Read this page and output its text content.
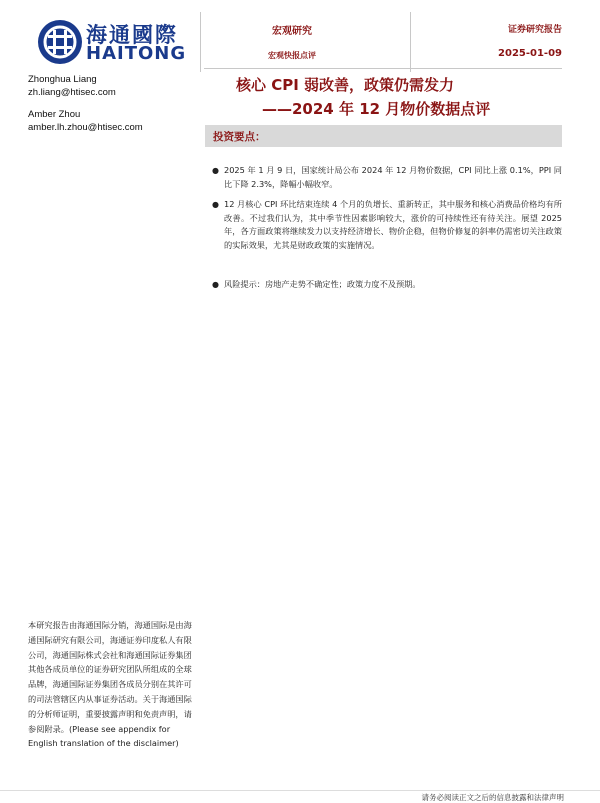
海通國際
HAITONG
宏观研究
宏观快报点评
证券研究报告
2025-01-09
Zhonghua Liang
zh.liang@htisec.com
Amber Zhou
amber.lh.zhou@htisec.com
核心 CPI 弱改善，政策仍需发力
——2024 年 12 月物价数据点评
投资要点：
● 2025 年 1 月 9 日，国家统计局公布 2024 年 12 月物价数据，CPI 同比上涨 0.1%，PPI 同比下降 2.3%，降幅小幅收窄。
● 12 月核心 CPI 环比结束连续 4 个月的负增长、重新转正，其中服务和核心消费品价格均有所改善。不过我们认为，其中季节性因素影响较大，涨价的可持续性还有待关注。展望 2025 年，各方面政策将继续发力以支持经济增长、物价企稳，但物价修复的斜率仍需密切关注政策的实际效果，尤其是财政政策的实施情况。
● 风险提示：房地产走势不确定性；政策力度不及预期。
本研究报告由海通国际分销，海通国际是由海通国际研究有限公司，海通证券印度私人有限公司，海通国际株式会社和海通国际证券集团其他各成员单位的证券研究团队所组成的全球品牌，海通国际证券集团各成员分别在其许可的司法管辖区内从事证券活动。关于海通国际的分析师证明，重要披露声明和免责声明，请参阅附录。(Please see appendix for English translation of the disclaimer)
请务必阅读正文之后的信息披露和法律声明
